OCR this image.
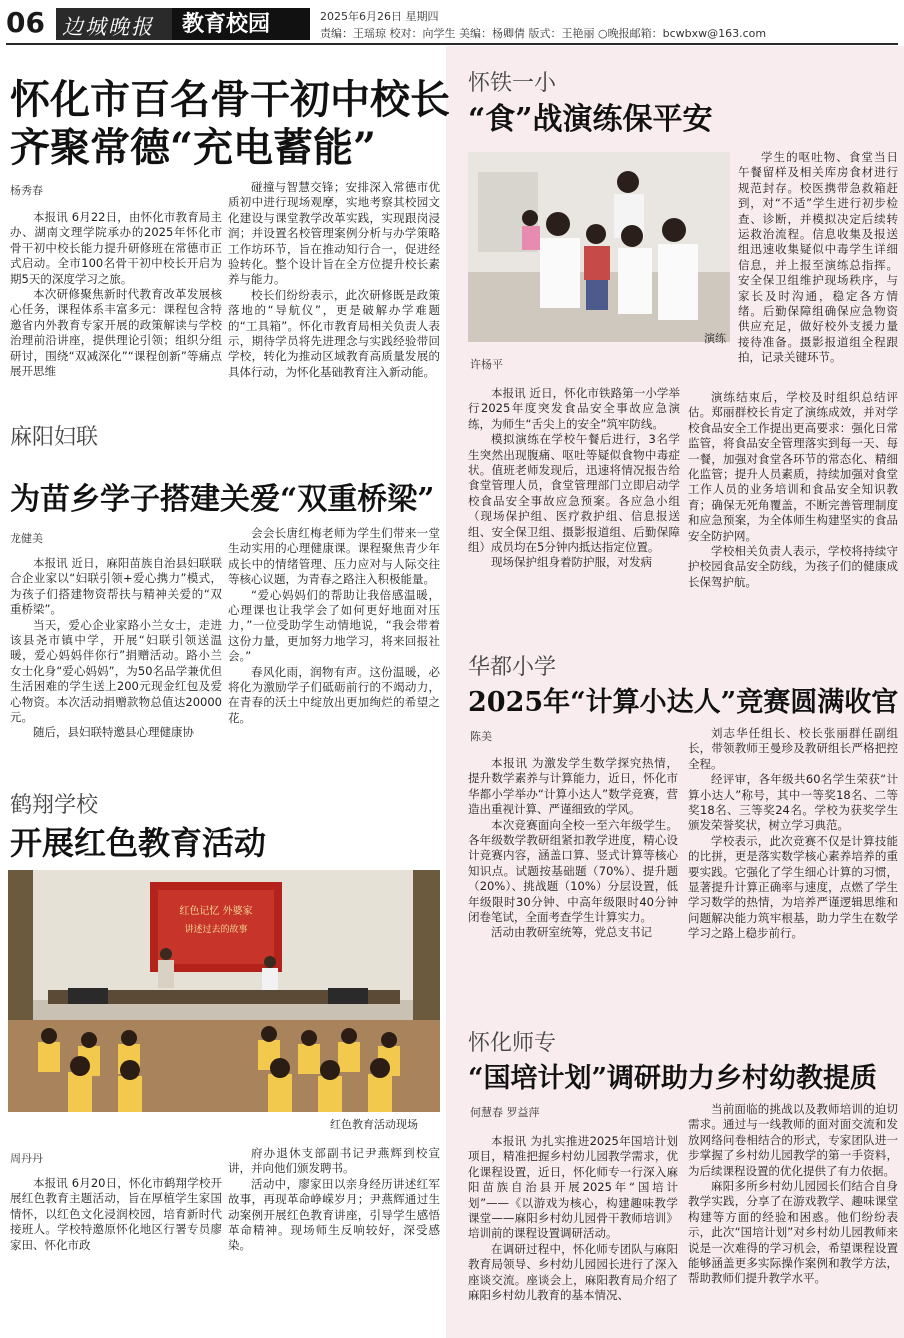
06 边城晚报	教育校园	2025年6月26日 星期四
责编：王瑶琼 校对：向学生 美编：杨卿倩 版式：王艳丽 ○晚报邮箱：bcwbxw@163.com
怀化市百名骨干初中校长
齐聚常德“充电蓄能”
杨秀春

本报讯 6月22日，由怀化市教育局主办、湖南文理学院承办的2025年怀化市骨干初中校长能力提升研修班在常德市正式启动。全市100名骨干初中校长开启为期5天的深度学习之旅。

本次研修聚焦新时代教育改革发展核心任务，课程体系丰富多元：课程包含特邀省内外教育专家开展的政策解读与学校治理前沿讲座，提供理论引领；组织分组研讨，围绕“双减深化”“课程创新”等痛点展开思维

碰撞与智慧交锋；安排深入常德市优质初中进行现场观摩，实地考察其校园文化建设与课堂教学改革实践，实现跟岗浸润；并设置名校管理案例分析与办学策略工作坊环节，旨在推动知行合一，促进经验转化。整个设计旨在全方位提升校长素养与能力。

校长们纷纷表示，此次研修既是政策落地的“导航仪”，更是破解办学难题的“工具箱”。怀化市教育局相关负责人表示，期待学员将先进理念与实践经验带回学校，转化为推动区域教育高质量发展的具体行动，为怀化基础教育注入新动能。

麻阳妇联
为苗乡学子搭建关爱“双重桥梁”
龙健美

本报讯 近日，麻阳苗族自治县妇联联合企业家以“妇联引领+爱心携力”模式，为孩子们搭建物资帮扶与精神关爱的“双重桥梁”。

当天，爱心企业家路小兰女士，走进该县尧市镇中学，开展“妇联引领送温暖，爱心妈妈伴你行”捐赠活动。路小兰女士化身“爱心妈妈”，为50名品学兼优但生活困难的学生送上200元现金红包及爱心物资。本次活动捐赠款物总值达20000元。

随后，县妇联特邀县心理健康协

会会长唐红梅老师为学生们带来一堂生动实用的心理健康课。课程聚焦青少年成长中的情绪管理、压力应对与人际交往等核心议题，为青春之路注入积极能量。

“爱心妈妈们的帮助让我倍感温暖，心理课也让我学会了如何更好地面对压力，”一位受助学生动情地说，“我会带着这份力量，更加努力地学习，将来回报社会。”

春风化雨，润物有声。这份温暖，必将化为激励学子们砥砺前行的不竭动力，在青春的沃土中绽放出更加绚烂的希望之花。

鹤翔学校
开展红色教育活动
红色记忆 外婆家
讲述过去的故事
红色教育活动现场
周丹丹

本报讯 6月20日，怀化市鹤翔学校开展红色教育主题活动，旨在厚植学生家国情怀，以红色文化浸润校园，培育新时代接班人。学校特邀原怀化地区行署专员廖家田、怀化市政

府办退休支部副书记尹燕辉到校宣讲，并向他们颁发聘书。

活动中，廖家田以亲身经历讲述红军故事，再现革命峥嵘岁月；尹燕辉通过生动案例开展红色教育讲座，引导学生感悟革命精神。现场师生反响较好，深受感染。

怀铁一小
“食”战演练保平安
演练
许杨平

本报讯 近日，怀化市铁路第一小学举行2025年度突发食品安全事故应急演练，为师生“舌尖上的安全”筑牢防线。

模拟演练在学校午餐后进行，3名学生突然出现腹痛、呕吐等疑似食物中毒症状。值班老师发现后，迅速将情况报告给食堂管理人员，食堂管理部门立即启动学校食品安全事故应急预案。各应急小组（现场保护组、医疗救护组、信息报送组、安全保卫组、摄影报道组、后勤保障组）成员均在5分钟内抵达指定位置。

现场保护组身着防护服，对发病

学生的呕吐物、食堂当日午餐留样及相关库房食材进行规范封存。校医携带急救箱赶到，对“不适”学生进行初步检查、诊断，并模拟决定后续转运救治流程。信息收集及报送组迅速收集疑似中毒学生详细信息，并上报至演练总指挥。安全保卫组维护现场秩序，与家长及时沟通，稳定各方情绪。后勤保障组确保应急物资供应充足，做好校外支援力量接待准备。摄影报道组全程跟拍，记录关键环节。

演练结束后，学校及时组织总结评估。郑丽群校长肯定了演练成效，并对学校食品安全工作提出更高要求：强化日常监管，将食品安全管理落实到每一天、每一餐，加强对食堂各环节的常态化、精细化监管；提升人员素质，持续加强对食堂工作人员的业务培训和食品安全知识教育；确保无死角覆盖，不断完善管理制度和应急预案，为全体师生构建坚实的食品安全防护网。

学校相关负责人表示，学校将持续守护校园食品安全防线，为孩子们的健康成长保驾护航。

华都小学
2025年“计算小达人”竞赛圆满收官
陈美

本报讯 为激发学生数学探究热情，提升数学素养与计算能力，近日，怀化市华都小学举办“计算小达人”数学竞赛，营造出重视计算、严谨细致的学风。

本次竞赛面向全校一至六年级学生。各年级数学教研组紧扣教学进度，精心设计竞赛内容，涵盖口算、竖式计算等核心知识点。试题按基础题（70%）、提升题（20%）、挑战题（10%）分层设置，低年级限时30分钟、中高年级限时40分钟闭卷笔试，全面考查学生计算实力。

活动由教研室统筹，党总支书记

刘志华任组长、校长张丽群任副组长，带领教师王曼珍及教研组长严格把控全程。

经评审，各年级共60名学生荣获“计算小达人”称号，其中一等奖18名、二等奖18名、三等奖24名。学校为获奖学生颁发荣誉奖状，树立学习典范。

学校表示，此次竞赛不仅是计算技能的比拼，更是落实数学核心素养培养的重要实践。它强化了学生细心计算的习惯，显著提升计算正确率与速度，点燃了学生学习数学的热情，为培养严谨逻辑思维和问题解决能力筑牢根基，助力学生在数学学习之路上稳步前行。

怀化师专
“国培计划”调研助力乡村幼教提质
何慧春 罗益萍

本报讯 为扎实推进2025年国培计划项目，精准把握乡村幼儿园教学需求，优化课程设置，近日，怀化师专一行深入麻阳苗族自治县开展2025年“国培计划”——《以游戏为核心，构建趣味教学课堂——麻阳乡村幼儿园骨干教师培训》培训前的课程设置调研活动。

在调研过程中，怀化师专团队与麻阳教育局领导、乡村幼儿园园长进行了深入座谈交流。座谈会上，麻阳教育局介绍了麻阳乡村幼儿教育的基本情况、

当前面临的挑战以及教师培训的迫切需求。通过与一线教师的面对面交流和发放网络问卷相结合的形式，专家团队进一步掌握了乡村幼儿园教学的第一手资料，为后续课程设置的优化提供了有力依据。

麻阳多所乡村幼儿园园长们结合自身教学实践，分享了在游戏教学、趣味课堂构建等方面的经验和困惑。他们纷纷表示，此次“国培计划”对乡村幼儿园教师来说是一次难得的学习机会，希望课程设置能够涵盖更多实际操作案例和教学方法，帮助教师们提升教学水平。
